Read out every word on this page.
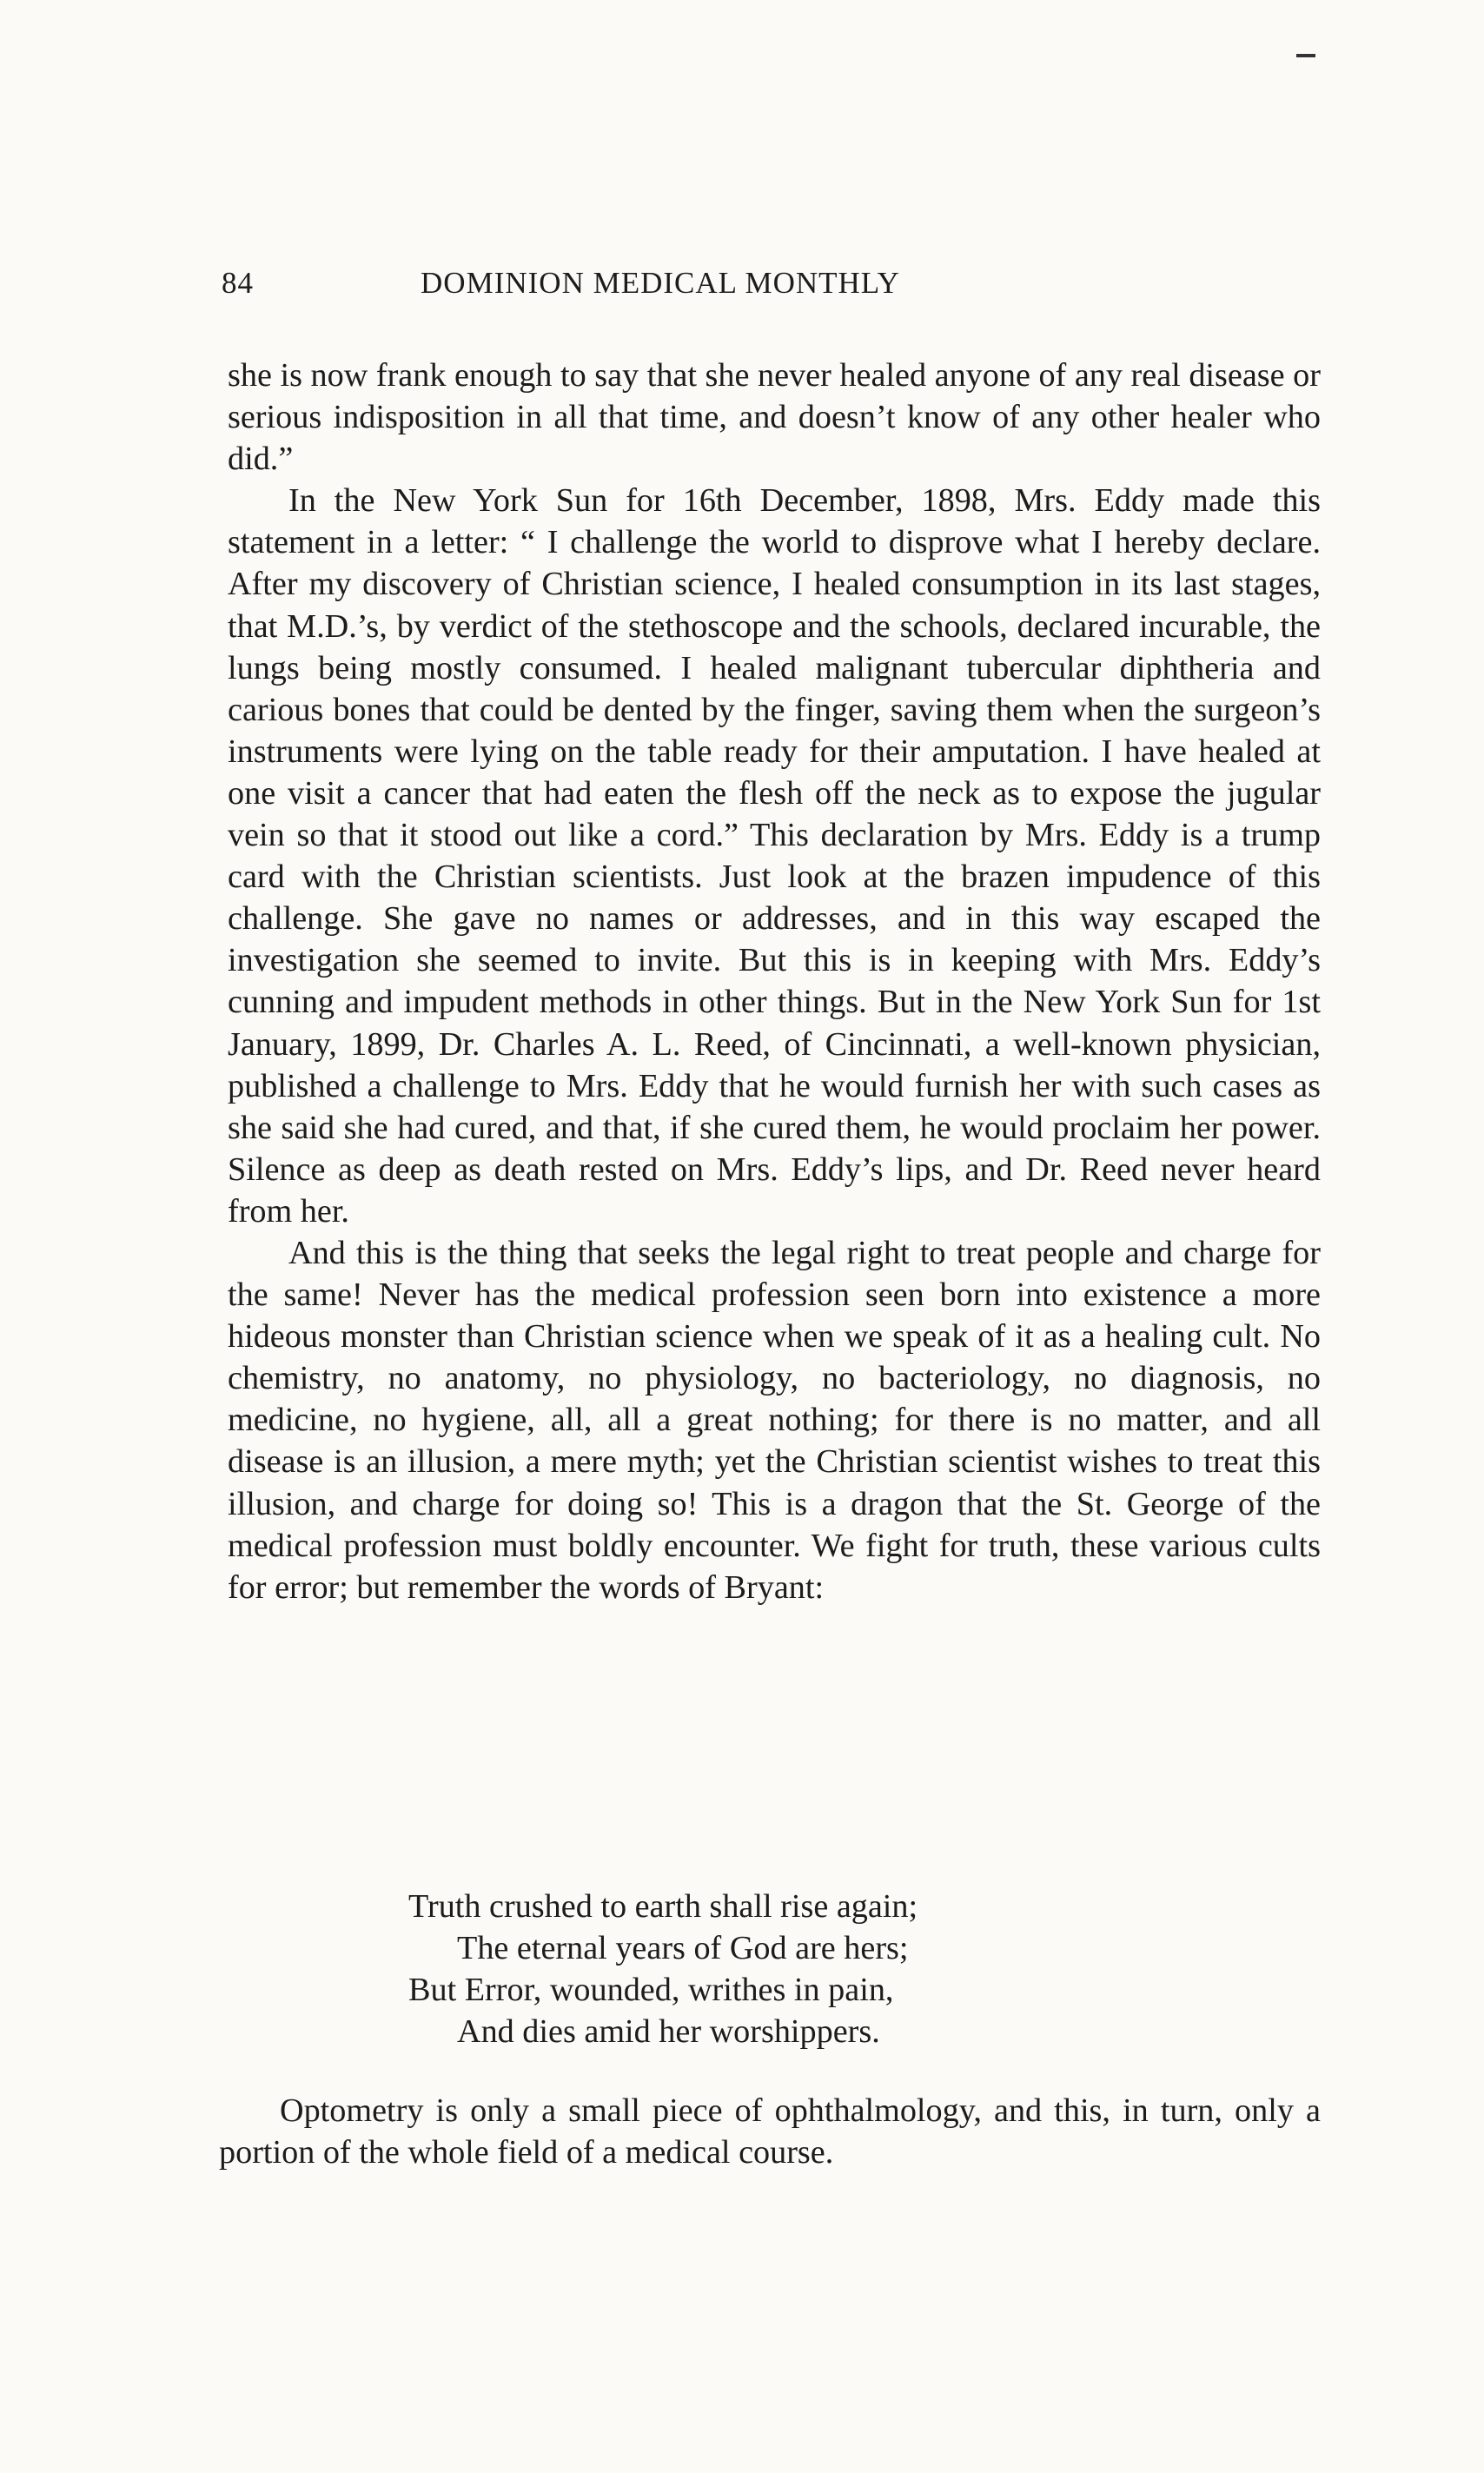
84	DOMINION MEDICAL MONTHLY

she is now frank enough to say that she never healed anyone of any real disease or serious indisposition in all that time, and doesn’t know of any other healer who did.”

In the New York Sun for 16th December, 1898, Mrs. Eddy made this statement in a letter: “ I challenge the world to disprove what I hereby declare. After my discovery of Christian science, I healed consumption in its last stages, that M.D.’s, by verdict of the stethoscope and the schools, declared incurable, the lungs being mostly consumed. I healed malignant tubercular diphtheria and carious bones that could be dented by the finger, saving them when the surgeon’s instruments were lying on the table ready for their amputation. I have healed at one visit a cancer that had eaten the flesh off the neck as to expose the jugular vein so that it stood out like a cord.” This declaration by Mrs. Eddy is a trump card with the Christian scientists. Just look at the brazen impudence of this challenge. She gave no names or addresses, and in this way escaped the investigation she seemed to invite. But this is in keeping with Mrs. Eddy’s cunning and impudent methods in other things. But in the New York Sun for 1st January, 1899, Dr. Charles A. L. Reed, of Cincinnati, a well-known physician, published a challenge to Mrs. Eddy that he would furnish her with such cases as she said she had cured, and that, if she cured them, he would proclaim her power. Silence as deep as death rested on Mrs. Eddy’s lips, and Dr. Reed never heard from her.

And this is the thing that seeks the legal right to treat people and charge for the same! Never has the medical profession seen born into existence a more hideous monster than Christian science when we speak of it as a healing cult. No chemistry, no anatomy, no physiology, no bacteriology, no diagnosis, no medicine, no hygiene, all, all a great nothing; for there is no matter, and all disease is an illusion, a mere myth; yet the Christian scientist wishes to treat this illusion, and charge for doing so! This is a dragon that the St. George of the medical profession must boldly encounter. We fight for truth, these various cults for error; but remember the words of Bryant:

Truth crushed to earth shall rise again;
The eternal years of God are hers;
But Error, wounded, writhes in pain,
And dies amid her worshippers.
Optometry is only a small piece of ophthalmology, and this, in turn, only a portion of the whole field of a medical course.
